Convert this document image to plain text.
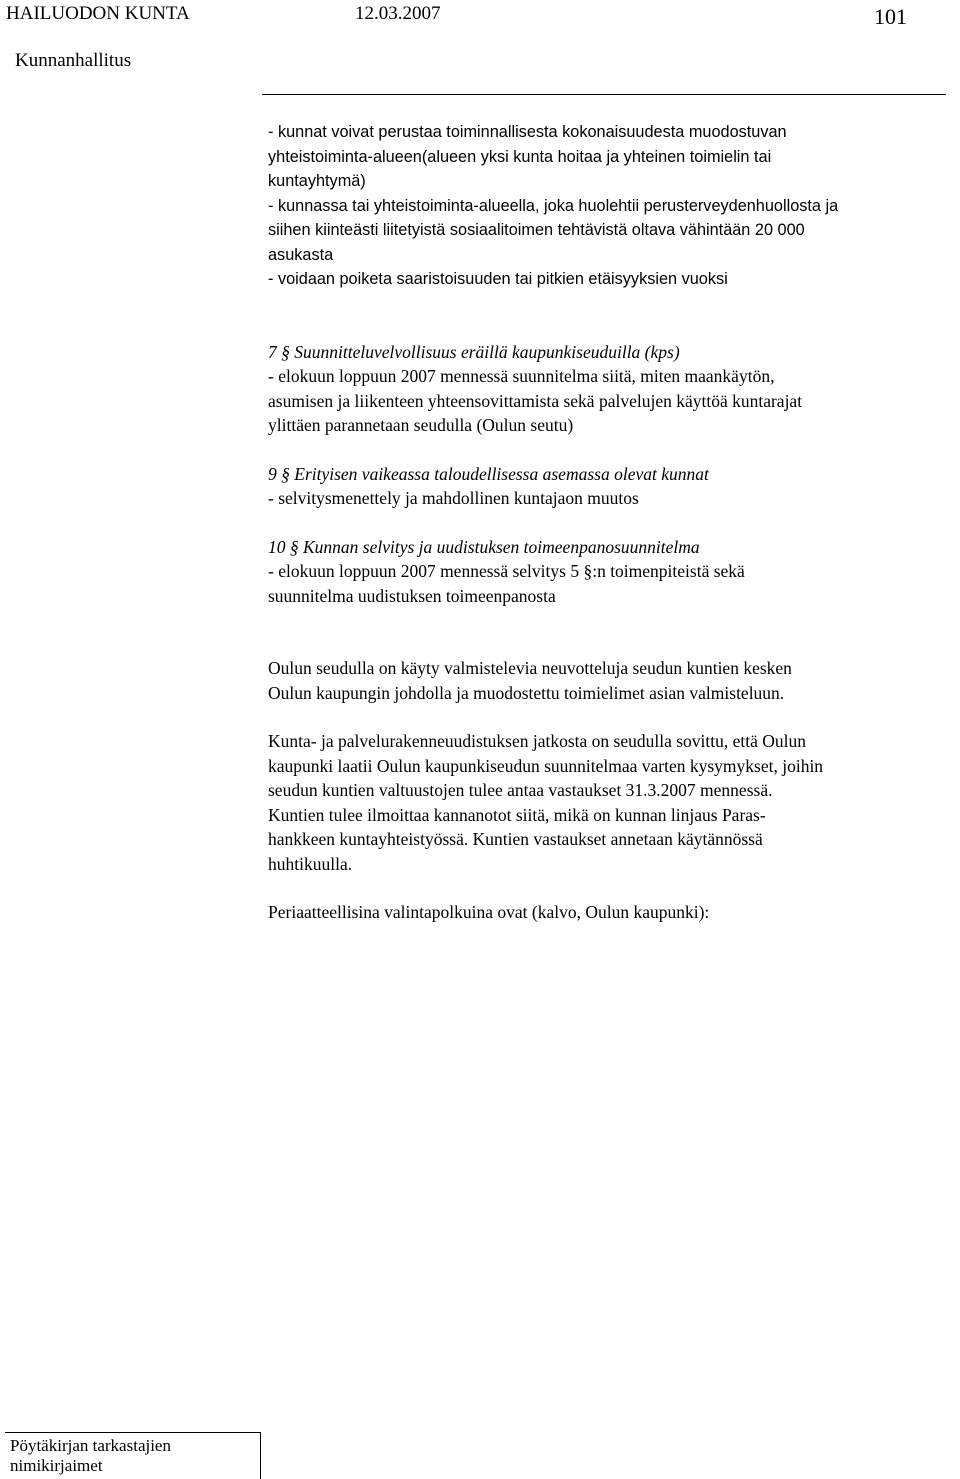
HAILUODON KUNTA	12.03.2007	101
Kunnanhallitus

- kunnat voivat perustaa toiminnallisesta kokonaisuudesta muodostuvan

yhteistoiminta-alueen(alueen yksi kunta hoitaa ja yhteinen toimielin tai

kuntayhtymä)

- kunnassa tai yhteistoiminta-alueella, joka huolehtii perusterveydenhuollosta ja

siihen kiinteästi liitetyistä sosiaalitoimen tehtävistä oltava vähintään 20 000

asukasta

- voidaan poiketa saaristoisuuden tai pitkien etäisyyksien vuoksi

7 § Suunnitteluvelvollisuus eräillä kaupunkiseuduilla (kps)

- elokuun loppuun 2007 mennessä suunnitelma siitä, miten maankäytön,

asumisen ja liikenteen yhteensovittamista sekä palvelujen käyttöä kuntarajat

ylittäen parannetaan seudulla (Oulun seutu)

9 § Erityisen vaikeassa taloudellisessa asemassa olevat kunnat

- selvitysmenettely ja mahdollinen kuntajaon muutos

10 § Kunnan selvitys ja uudistuksen toimeenpanosuunnitelma

- elokuun loppuun 2007 mennessä selvitys 5 §:n toimenpiteistä sekä

suunnitelma uudistuksen toimeenpanosta

Oulun seudulla on käyty valmistelevia neuvotteluja seudun kuntien kesken

Oulun kaupungin johdolla ja muodostettu toimielimet asian valmisteluun.

Kunta- ja palvelurakenneuudistuksen jatkosta on seudulla sovittu, että Oulun

kaupunki laatii Oulun kaupunkiseudun suunnitelmaa varten kysymykset, joihin

seudun kuntien valtuustojen tulee antaa vastaukset 31.3.2007 mennessä.

Kuntien tulee ilmoittaa kannanotot siitä, mikä on kunnan linjaus Paras-

hankkeen kuntayhteistyössä. Kuntien vastaukset annetaan käytännössä

huhtikuulla.

Periaatteellisina valintapolkuina ovat (kalvo, Oulun kaupunki):

Pöytäkirjan tarkastajien
nimikirjaimet
